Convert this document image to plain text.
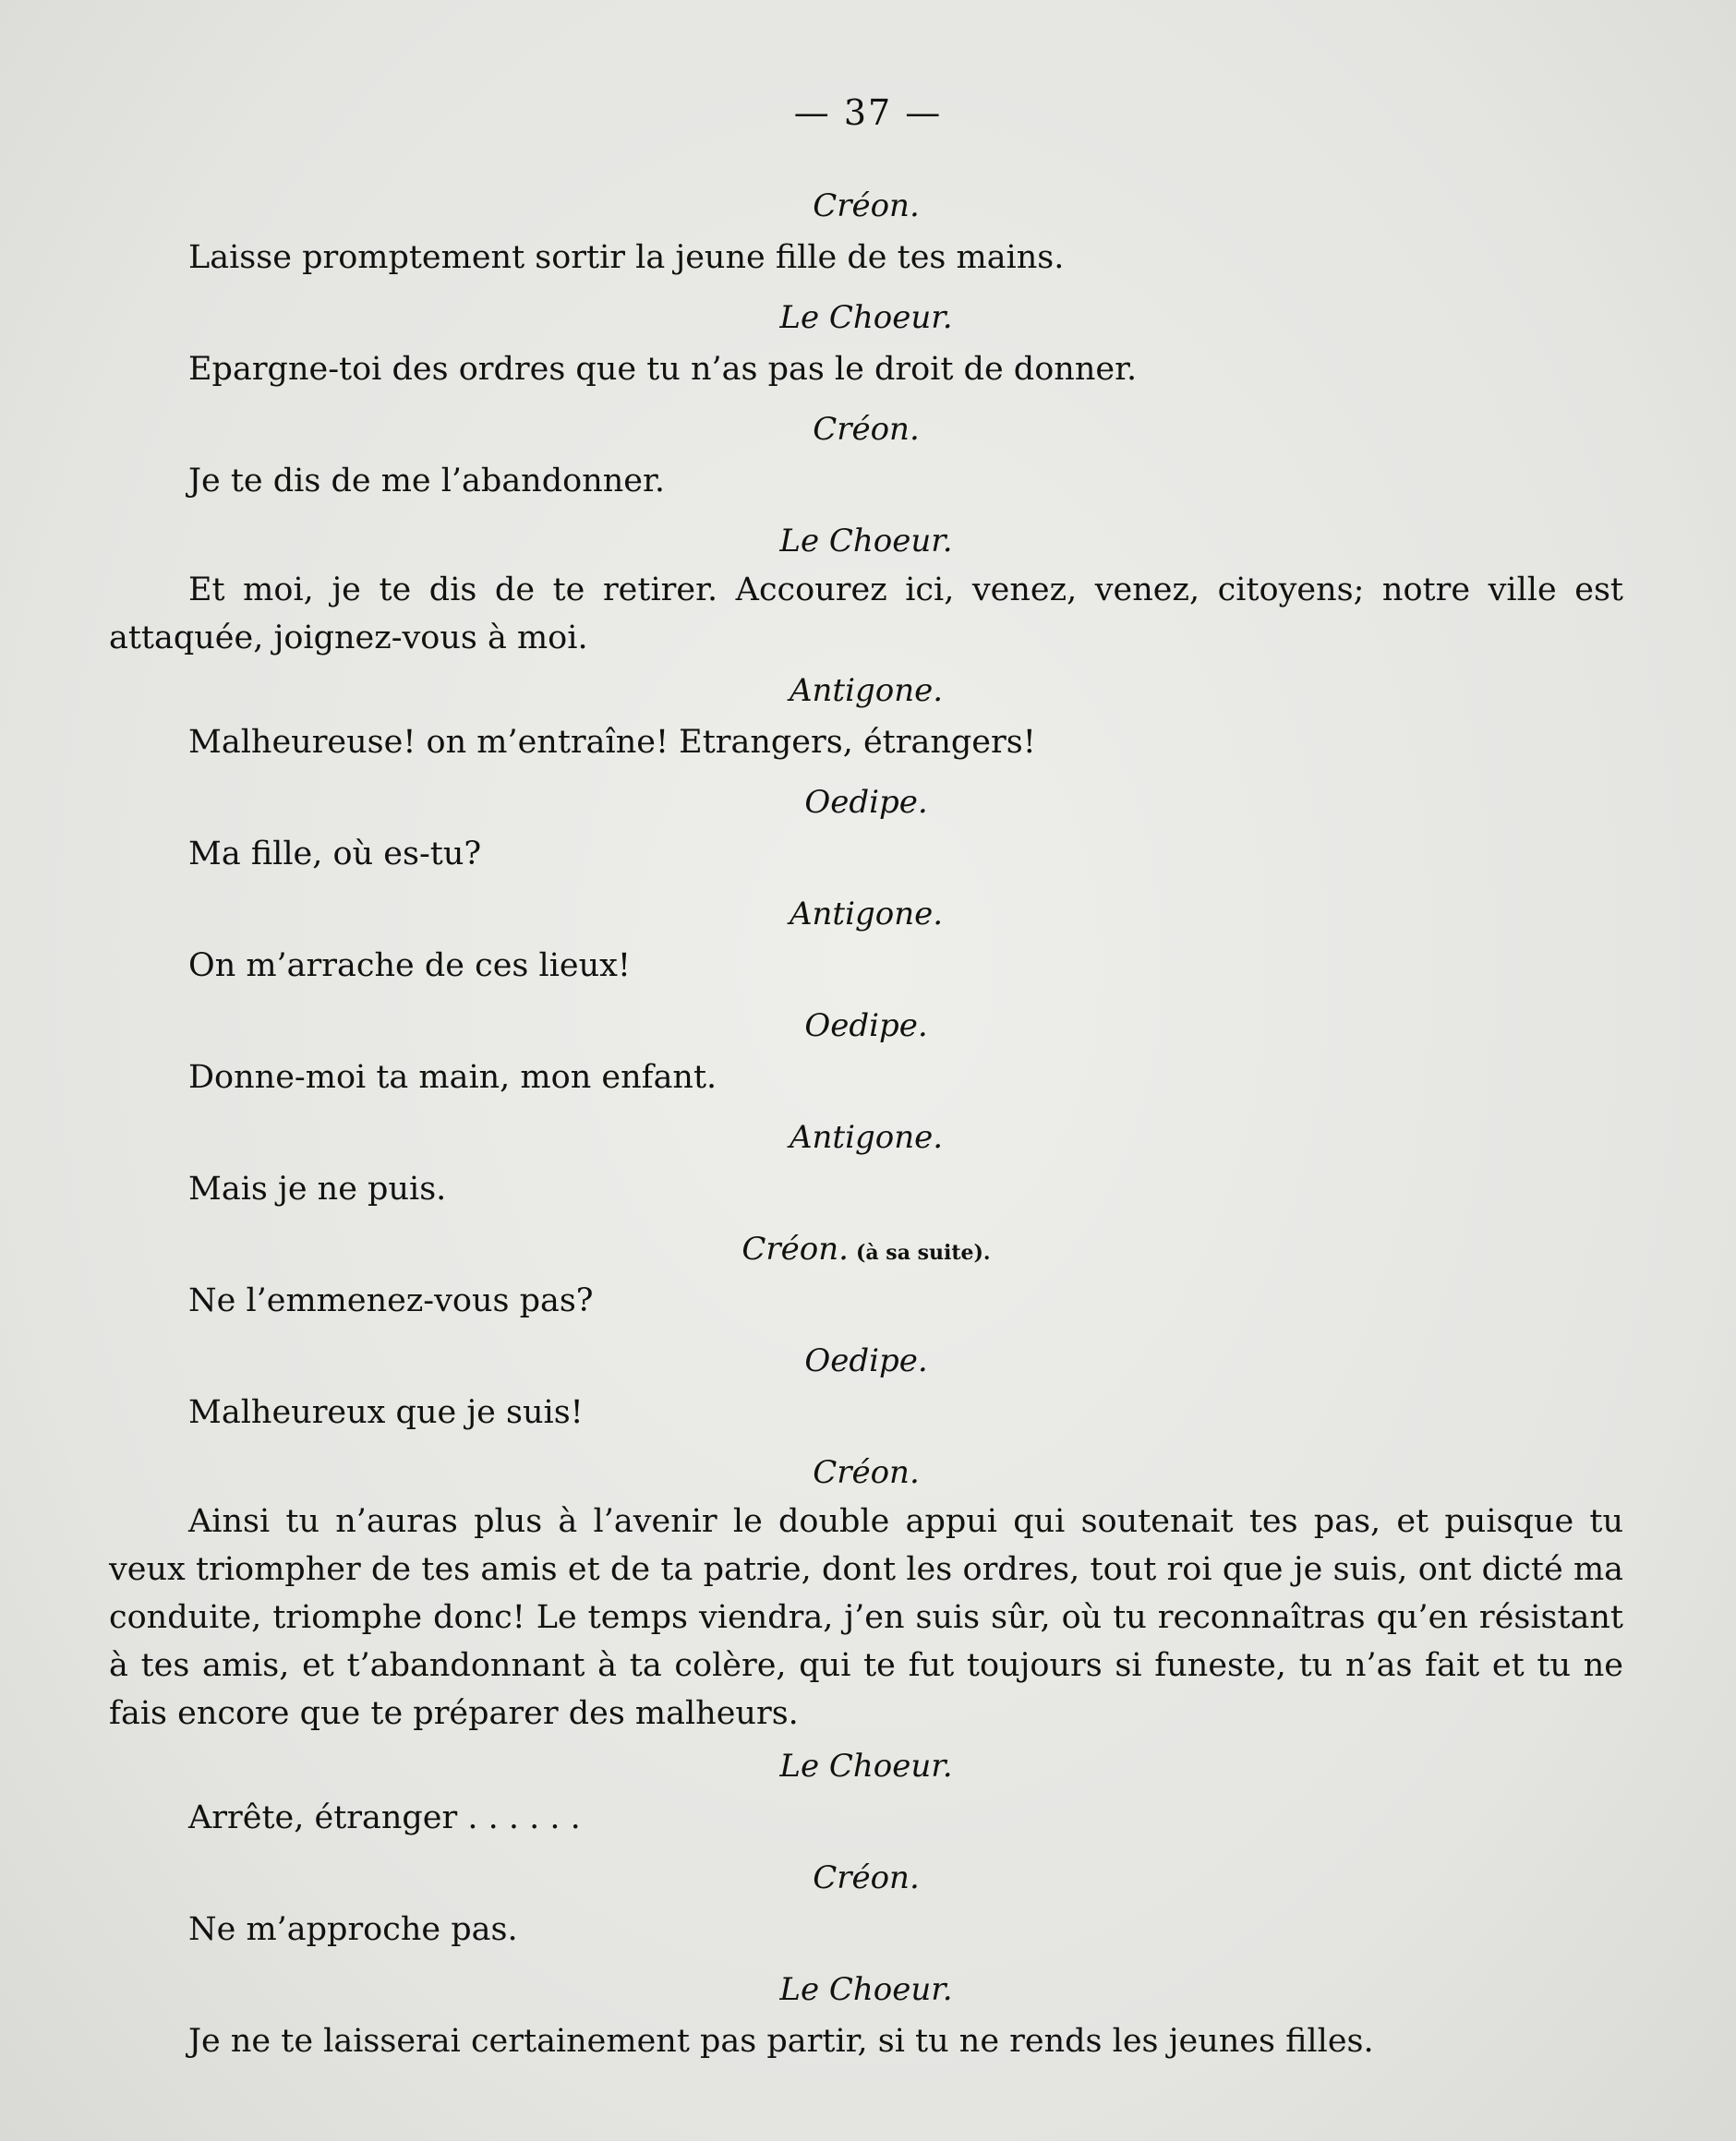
— 37 —
Créon.
Laisse promptement sortir la jeune fille de tes mains.
Le Choeur.
Epargne-toi des ordres que tu n’as pas le droit de donner.
Créon.
Je te dis de me l’abandonner.
Le Choeur.
Et moi, je te dis de te retirer. Accourez ici, venez, venez, citoyens; notre ville est attaquée, joignez-vous à moi.
Antigone.
Malheureuse! on m’entraîne! Etrangers, étrangers!
Oedipe.
Ma fille, où es-tu?
Antigone.
On m’arrache de ces lieux!
Oedipe.
Donne-moi ta main, mon enfant.
Antigone.
Mais je ne puis.
Créon. (à sa suite).
Ne l’emmenez-vous pas?
Oedipe.
Malheureux que je suis!
Créon.
Ainsi tu n’auras plus à l’avenir le double appui qui soutenait tes pas, et puisque tu veux triompher de tes amis et de ta patrie, dont les ordres, tout roi que je suis, ont dicté ma conduite, triomphe donc! Le temps viendra, j’en suis sûr, où tu reconnaîtras qu’en résistant à tes amis, et t’abandonnant à ta colère, qui te fut toujours si funeste, tu n’as fait et tu ne fais encore que te préparer des malheurs.
Le Choeur.
Arrête, étranger . . . . . .
Créon.
Ne m’approche pas.
Le Choeur.
Je ne te laisserai certainement pas partir, si tu ne rends les jeunes filles.
